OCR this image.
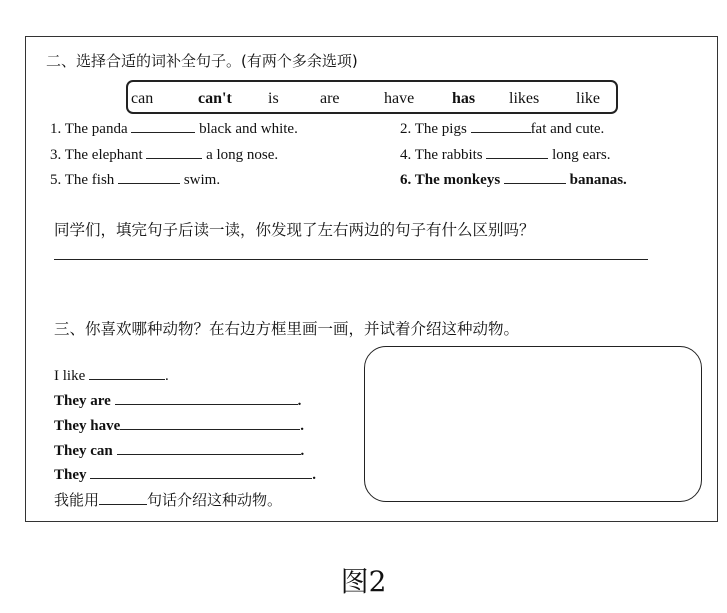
二、选择合适的词补全句子。(有两个多余选项)
can	can't is	are	have has likes like
1. The panda	black and white.	2. The pigs	fat and cute.
3. The elephant	a long nose.	4. The rabbits	long ears.
5. The fish	swim.	6. The monkeys	bananas.
同学们，填完句子后读一读，你发现了左右两边的句子有什么区别吗？
三、你喜欢哪种动物？在右边方框里画一画，并试着介绍这种动物。
I like	.
They are	.
They have	.
They can	.
They	.
我能用	句话介绍这种动物。
图2
